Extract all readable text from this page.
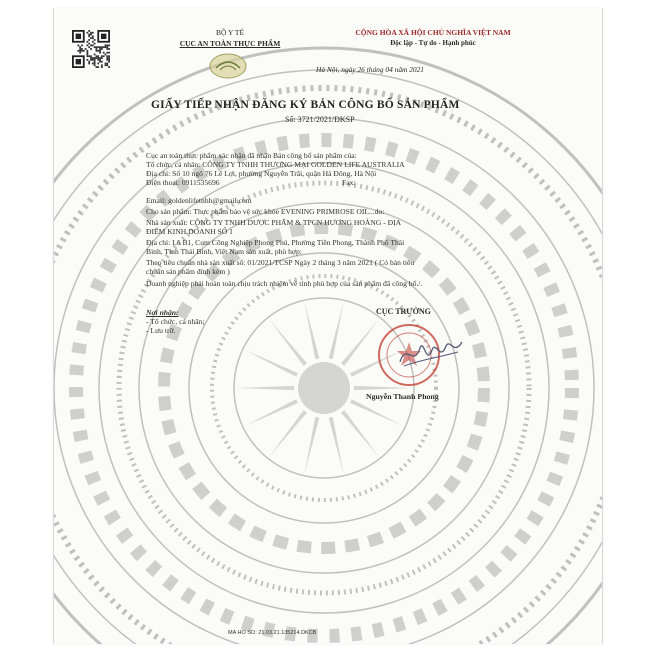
BỘ Y TẾ
CỤC AN TOÀN THỰC PHẨM
CỘNG HÒA XÃ HỘI CHỦ NGHĨA VIỆT NAM
Độc lập - Tự do - Hạnh phúc
Hà Nội, ngày 26 tháng 04 năm 2021
GIẤY TIẾP NHẬN ĐĂNG KÝ BẢN CÔNG BỐ SẢN PHẨM
Số: 3721/2021/ĐKSP
Cục an toàn thực phẩm xác nhận đã nhận Bản công bố sản phẩm của:
Tổ chức, cá nhân: CÔNG TY TNHH THƯƠNG MẠI GOLDEN LIFE AUSTRALIA
Địa chỉ: Số 10 ngõ 76 Lê Lợi, phường Nguyễn Trãi, quận Hà Đông, Hà Nội
Điện thoại: 0911535696	Fax:
Email: goldenlifetnhh@gmail.com
Cho sản phẩm: Thực phẩm bảo vệ sức khỏe EVENING PRIMROSE OIL...do:
Nhà sản xuất: CÔNG TY TNHH DƯỢC PHẨM & TPCN HƯƠNG HOÀNG - ĐỊA
ĐIỂM KINH DOANH SỐ 1
Địa chỉ: Lô B1, Cụm Công Nghiệp Phong Phú, Phường Tiền Phong, Thành Phố Thái
Bình, Tỉnh Thái Bình, Việt Nam sản xuất, phù hợp:
Theo tiêu chuẩn nhà sản xuất số: 01/2021/TCSP Ngày 2 tháng 3 năm 2021 ( Có bản tiêu
chuẩn sản phẩm đính kèm )
Doanh nghiệp phải hoàn toàn chịu trách nhiệm về tính phù hợp của sản phẩm đã công bố./.
Nơi nhận:
- Tổ chức, cá nhân;
- Lưu trữ.
CỤC TRƯỞNG
Nguyễn Thanh Phong
MA HO SO: 21.03.21.135214.DKCB
